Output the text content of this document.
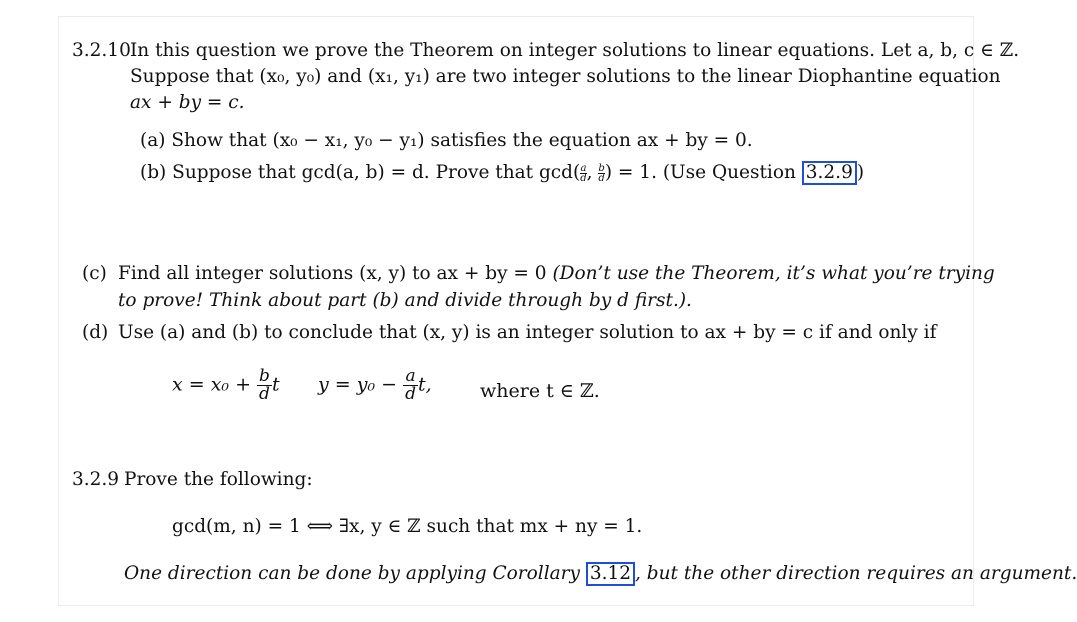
3.2.10 In this question we prove the Theorem on integer solutions to linear equations. Let a, b, c ∈ ℤ.
Suppose that (x₀, y₀) and (x₁, y₁) are two integer solutions to the linear Diophantine equation
ax + by = c.
(a) Show that (x₀ − x₁, y₀ − y₁) satisfies the equation ax + by = 0.
(b) Suppose that gcd(a, b) = d. Prove that $\gcd( \frac{a}{d}$ , $\frac{b}{d}$ ) = 1. (Use Question 3.2.9 )
(c) Find all integer solutions (x, y) to ax + by = 0 (Don’t use the Theorem, it’s what you’re trying
to prove! Think about part (b) and divide through by d first.).
(d) Use (a) and (b) to conclude that (x, y) is an integer solution to ax + by = c if and only if
$x = x_0 + \frac{b}{d}$ t $y = y_0 - \frac{a}{d} t$,	where t ∈ ℤ.
3.2.9 Prove the following:
gcd(m, n) = 1 ⟺ ∃x, y ∈ ℤ such that mx + ny = 1.
One direction can be done by applying Corollary 3.12 , but the other direction requires an argument.
